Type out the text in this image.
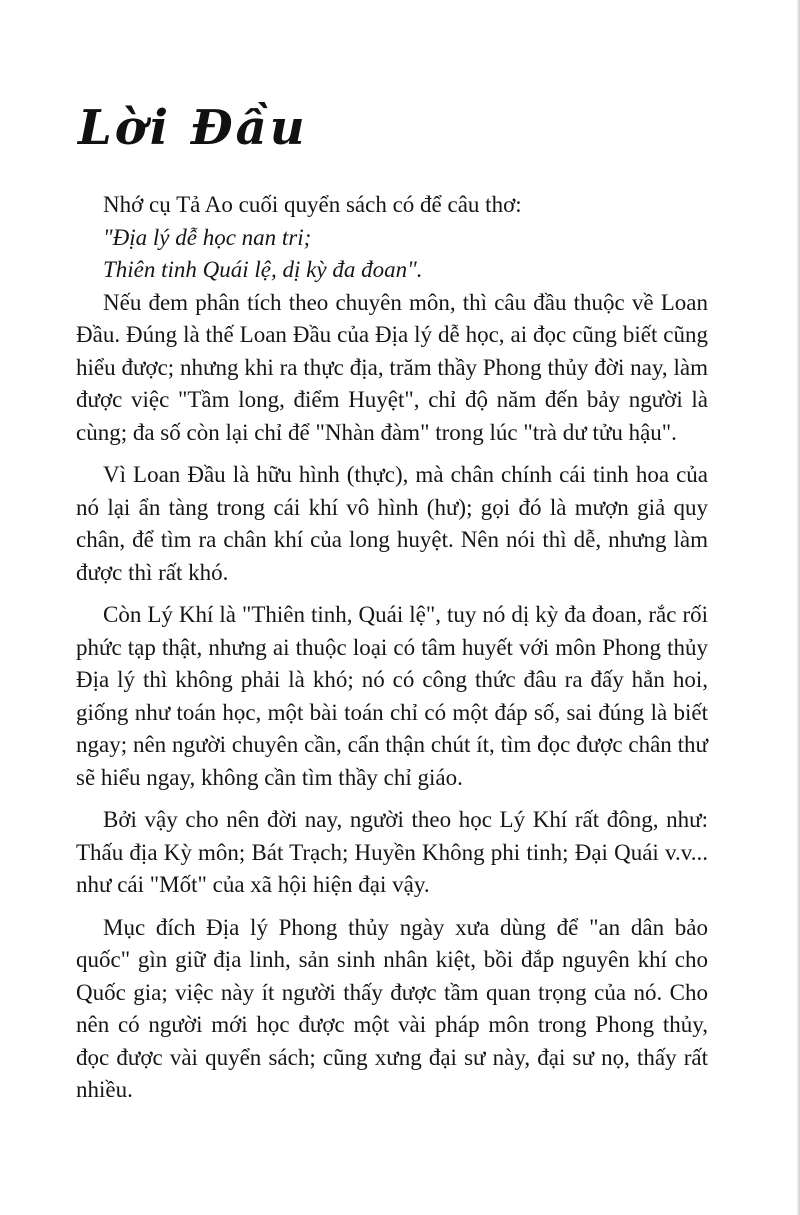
Lời Đầu

Nhớ cụ Tả Ao cuối quyển sách có để câu thơ:

"Địa lý dễ học nan tri;

Thiên tinh Quái lệ, dị kỳ đa đoan".

Nếu đem phân tích theo chuyên môn, thì câu đầu thuộc về Loan Đầu. Đúng là thế Loan Đầu của Địa lý dễ học, ai đọc cũng biết cũng hiểu được; nhưng khi ra thực địa, trăm thầy Phong thủy đời nay, làm được việc "Tầm long, điểm Huyệt", chỉ độ năm đến bảy người là cùng; đa số còn lại chỉ để "Nhàn đàm" trong lúc "trà dư tửu hậu".

Vì Loan Đầu là hữu hình (thực), mà chân chính cái tinh hoa của nó lại ẩn tàng trong cái khí vô hình (hư); gọi đó là mượn giả quy chân, để tìm ra chân khí của long huyệt. Nên nói thì dễ, nhưng làm được thì rất khó.

Còn Lý Khí là "Thiên tinh, Quái lệ", tuy nó dị kỳ đa đoan, rắc rối phức tạp thật, nhưng ai thuộc loại có tâm huyết với môn Phong thủy Địa lý thì không phải là khó; nó có công thức đâu ra đấy hẳn hoi, giống như toán học, một bài toán chỉ có một đáp số, sai đúng là biết ngay; nên người chuyên cần, cẩn thận chút ít, tìm đọc được chân thư sẽ hiểu ngay, không cần tìm thầy chỉ giáo.

Bởi vậy cho nên đời nay, người theo học Lý Khí rất đông, như: Thấu địa Kỳ môn; Bát Trạch; Huyền Không phi tinh; Đại Quái v.v... như cái "Mốt" của xã hội hiện đại vậy.

Mục đích Địa lý Phong thủy ngày xưa dùng để "an dân bảo quốc" gìn giữ địa linh, sản sinh nhân kiệt, bồi đắp nguyên khí cho Quốc gia; việc này ít người thấy được tầm quan trọng của nó. Cho nên có người mới học được một vài pháp môn trong Phong thủy, đọc được vài quyển sách; cũng xưng đại sư này, đại sư nọ, thấy rất nhiều.
